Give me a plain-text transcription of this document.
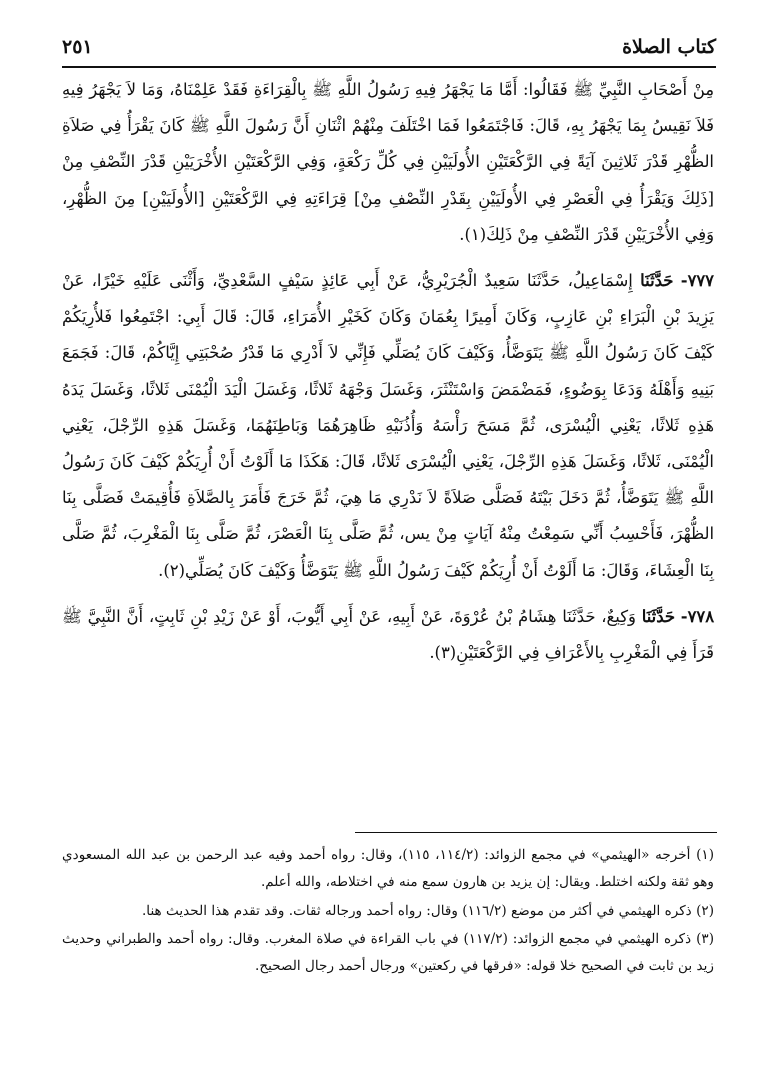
كتاب الصلاة
٢٥١

مِنْ أَصْحَابِ النَّبِيِّ ﷺ فَقَالُوا: أَمَّا مَا يَجْهَرُ فِيهِ رَسُولُ اللَّهِ ﷺ بِالْقِرَاءَةِ فَقَدْ عَلِمْنَاهُ، وَمَا لاَ يَجْهَرُ فِيهِ فَلاَ نَقِيسُ بِمَا يَجْهَرُ بِهِ، قَالَ: فَاجْتَمَعُوا فَمَا اخْتَلَفَ مِنْهُمْ اثْنَانِ أَنَّ رَسُولَ اللَّهِ ﷺ كَانَ يَقْرَأُ فِي صَلاَةِ الظُّهْرِ قَدْرَ ثَلاثِينَ آيَةً فِي الرَّكْعَتَيْنِ الأُولَيَيْنِ فِي كُلِّ رَكْعَةٍ، وَفِي الرَّكْعَتَيْنِ الأُخْرَيَيْنِ قَدْرَ النِّصْفِ مِنْ [ذَلِكَ وَيَقْرَأُ فِي الْعَصْرِ فِي الأُولَيَيْنِ بِقَدْرِ النِّصْفِ مِنْ] قِرَاءَتِهِ فِي الرَّكْعَتَيْنِ [الأُولَيَيْنِ] مِنَ الظُّهْرِ، وَفِي الأُخْرَيَيْنِ قَدْرَ النِّصْفِ مِنْ ذَلِكَ(١).

٧٧٧- حَدَّثَنَا إِسْمَاعِيلُ، حَدَّثَنَا سَعِيدٌ الْجُرَيْرِيُّ، عَنْ أَبِي عَائِذٍ سَيْفٍ السَّعْدِيِّ، وَأَثْنَى عَلَيْهِ خَيْرًا، عَنْ يَزِيدَ بْنِ الْبَرَاءِ بْنِ عَازِبٍ، وَكَانَ أَمِيرًا بِعُمَانَ وَكَانَ كَخَيْرِ الأُمَرَاءِ، قَالَ: قَالَ أَبِي: اجْتَمِعُوا فَلأُرِيَكُمْ كَيْفَ كَانَ رَسُولُ اللَّهِ ﷺ يَتَوَضَّأُ، وَكَيْفَ كَانَ يُصَلِّي فَإِنِّي لاَ أَدْرِي مَا قَدْرُ صُحْبَتِي إِيَّاكُمْ، قَالَ: فَجَمَعَ بَنِيهِ وَأَهْلَهُ وَدَعَا بِوَضُوءٍ، فَمَضْمَضَ وَاسْتَنْثَرَ، وَغَسَلَ وَجْهَهُ ثَلاثًا، وَغَسَلَ الْيَدَ الْيُمْنَى ثَلاثًا، وَغَسَلَ يَدَهُ هَذِهِ ثَلاثًا، يَعْنِي الْيُسْرَى، ثُمَّ مَسَحَ رَأْسَهُ وَأُذُنَيْهِ ظَاهِرَهُمَا وَبَاطِنَهُمَا، وَغَسَلَ هَذِهِ الرِّجْلَ، يَعْنِي الْيُمْنَى، ثَلاثًا، وَغَسَلَ هَذِهِ الرِّجْلَ، يَعْنِي الْيُسْرَى ثَلاثًا، قَالَ: هَكَذَا مَا أَلَوْتُ أَنْ أُرِيَكُمْ كَيْفَ كَانَ رَسُولُ اللَّهِ ﷺ يَتَوَضَّأُ، ثُمَّ دَخَلَ بَيْتَهُ فَصَلَّى صَلاَةً لاَ نَدْرِي مَا هِيَ، ثُمَّ خَرَجَ فَأَمَرَ بِالصَّلاَةِ فَأُقِيمَتْ فَصَلَّى بِنَا الظُّهْرَ، فَأَحْسِبُ أَنِّي سَمِعْتُ مِنْهُ آيَاتٍ مِنْ يس، ثُمَّ صَلَّى بِنَا الْعَصْرَ، ثُمَّ صَلَّى بِنَا الْمَغْرِبَ، ثُمَّ صَلَّى بِنَا الْعِشَاءَ، وَقَالَ: مَا أَلَوْتُ أَنْ أُرِيَكُمْ كَيْفَ رَسُولُ اللَّهِ ﷺ يَتَوَضَّأُ وَكَيْفَ كَانَ يُصَلِّي(٢).

٧٧٨- حَدَّثَنَا وَكِيعٌ، حَدَّثَنَا هِشَامُ بْنُ عُرْوَةَ، عَنْ أَبِيهِ، عَنْ أَبِي أَيُّوبَ، أَوْ عَنْ زَيْدِ بْنِ ثَابِتٍ، أَنَّ النَّبِيَّ ﷺ قَرَأَ فِي الْمَغْرِبِ بِالأَعْرَافِ فِي الرَّكْعَتَيْنِ(٣).

(١) أخرجه «الهيثمي» في مجمع الزوائد: (١١٤/٢، ١١٥)، وقال: رواه أحمد وفيه عبد الرحمن بن عبد الله المسعودي وهو ثقة ولكنه اختلط. ويقال: إن يزيد بن هارون سمع منه في اختلاطه، والله أعلم.

(٢) ذكره الهيثمي في أكثر من موضع (١١٦/٢) وقال: رواه أحمد ورجاله ثقات. وقد تقدم هذا الحديث هنا.

(٣) ذكره الهيثمي في مجمع الزوائد: (١١٧/٢) في باب القراءة في صلاة المغرب. وقال: رواه أحمد والطبراني وحديث زيد بن ثابت في الصحيح خلا قوله: «فرقها في ركعتين» ورجال أحمد رجال الصحيح.
